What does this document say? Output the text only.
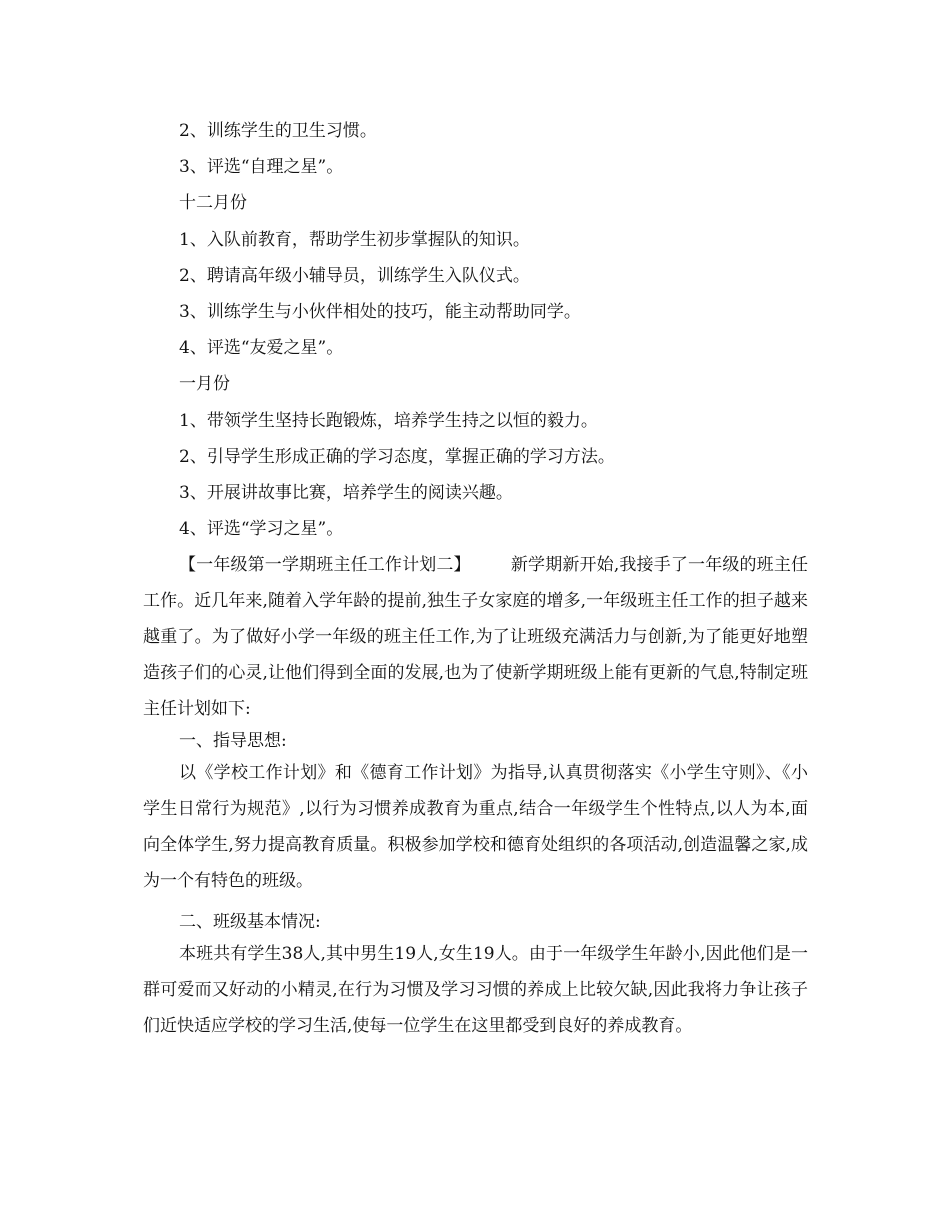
2、训练学生的卫生习惯。
3、评选“自理之星”。
十二月份
1、入队前教育，帮助学生初步掌握队的知识。
2、聘请高年级小辅导员，训练学生入队仪式。
3、训练学生与小伙伴相处的技巧，能主动帮助同学。
4、评选“友爱之星”。
一月份
1、带领学生坚持长跑锻炼，培养学生持之以恒的毅力。
2、引导学生形成正确的学习态度，掌握正确的学习方法。
3、开展讲故事比赛，培养学生的阅读兴趣。
4、评选“学习之星”。
【一年级第一学期班主任工作计划二】 新学期新开始,我接手了一年级的班主任工作。近几年来,随着入学年龄的提前,独生子女家庭的增多,一年级班主任工作的担子越来越重了。为了做好小学一年级的班主任工作,为了让班级充满活力与创新,为了能更好地塑造孩子们的心灵,让他们得到全面的发展,也为了使新学期班级上能有更新的气息,特制定班主任计划如下:
一、指导思想:
以《学校工作计划》和《德育工作计划》为指导,认真贯彻落实《小学生守则》、《小学生日常行为规范》,以行为习惯养成教育为重点,结合一年级学生个性特点,以人为本,面向全体学生,努力提高教育质量。积极参加学校和德育处组织的各项活动,创造温馨之家,成为一个有特色的班级。
二、班级基本情况:
本班共有学生38人,其中男生19人,女生19人。由于一年级学生年龄小,因此他们是一群可爱而又好动的小精灵,在行为习惯及学习习惯的养成上比较欠缺,因此我将力争让孩子们近快适应学校的学习生活,使每一位学生在这里都受到良好的养成教育。
